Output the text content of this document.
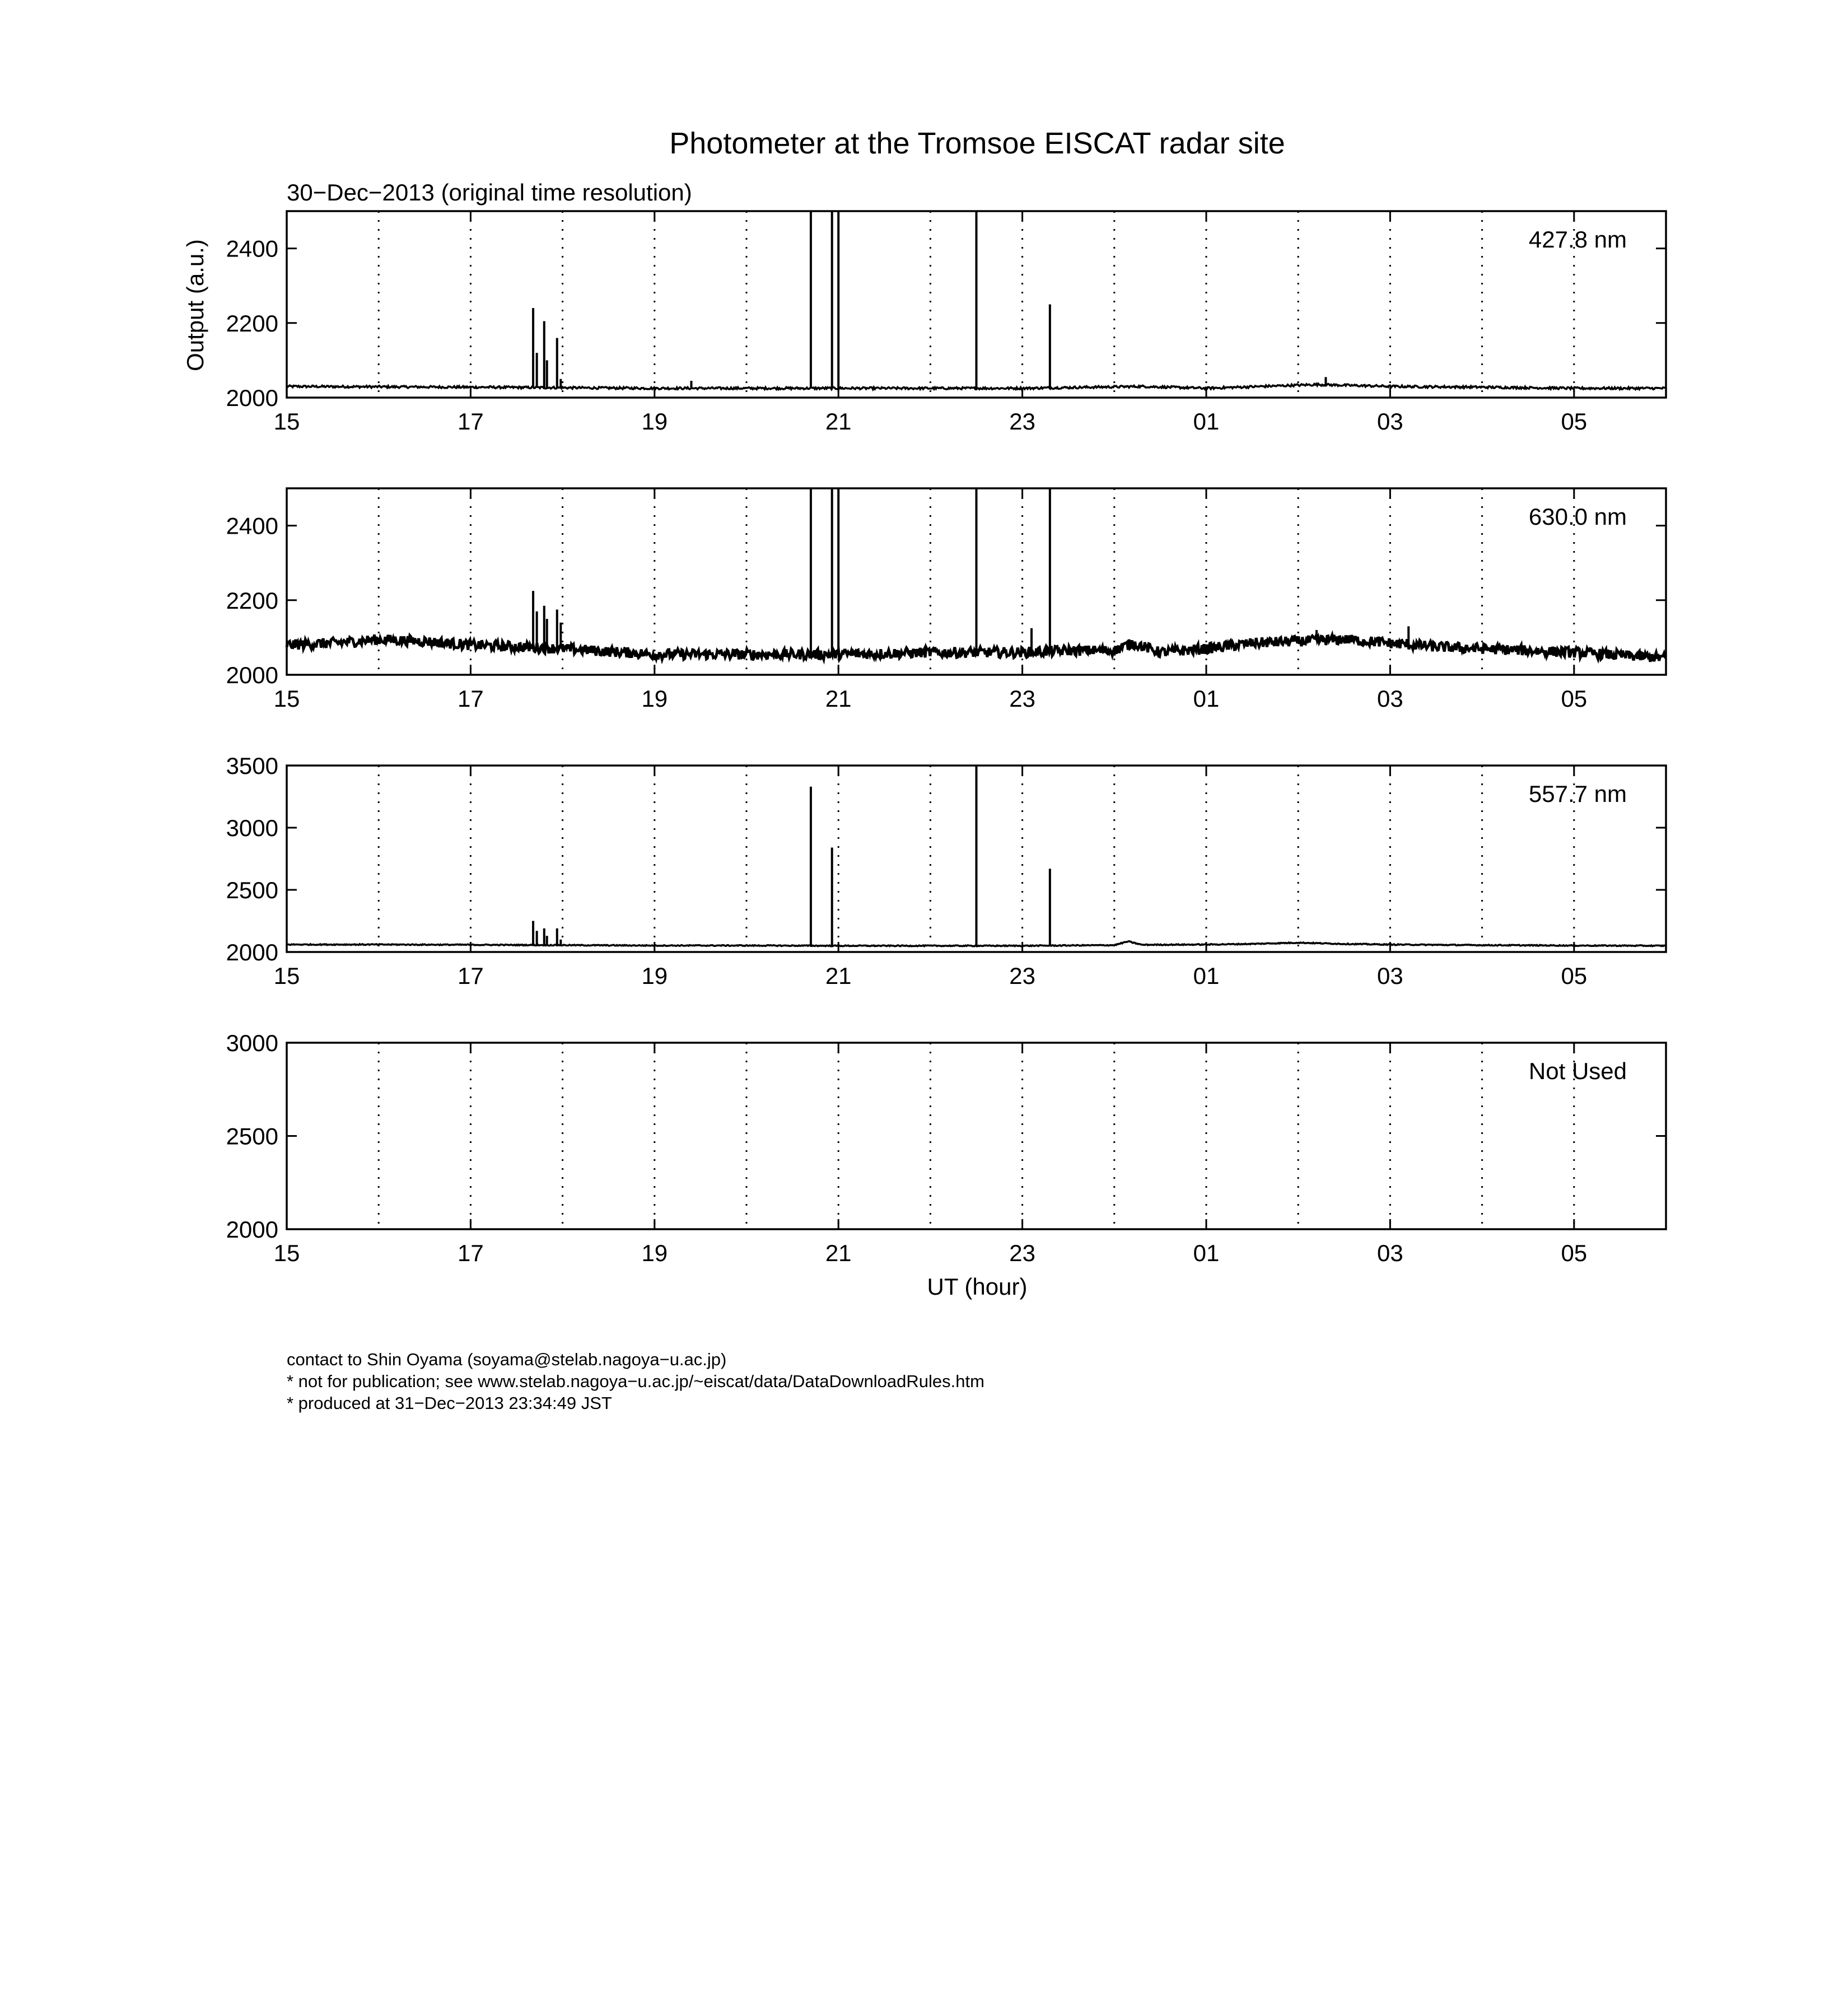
Photometer at the Tromsoe EISCAT radar site
30−Dec−2013 (original time resolution)
Output (a.u.)
UT (hour)
15	17	19	21	23	01	03	05
2000
2200
2400	427.8 nm
15	17	19	21	23	01	03	05
2000
2200
2400	630.0 nm
15	17	19	21	23	01	03	05
2000
2500
3000
3500
557.7 nm
15	17	19	21	23	01	03	05
2000
2500
3000
Not Used
contact to Shin Oyama (soyama@stelab.nagoya−u.ac.jp)
* not for publication; see www.stelab.nagoya−u.ac.jp/~eiscat/data/DataDownloadRules.htm
* produced at 31−Dec−2013 23:34:49 JST
